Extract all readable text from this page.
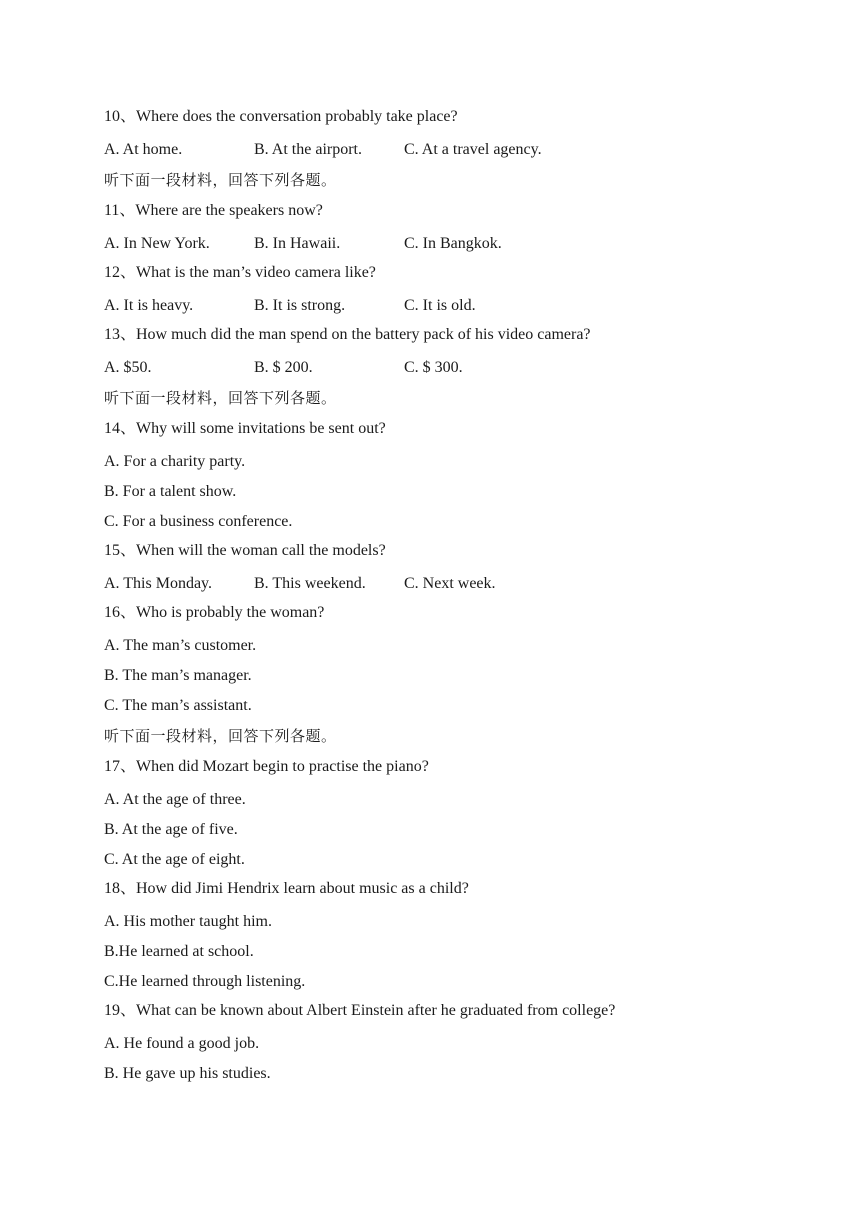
10、Where does the conversation probably take place?
A. At home.	B. At the airport.	C. At a travel agency.
听下面一段材料，回答下列各题。
11、Where are the speakers now?
A. In New York.	B. In Hawaii.	C. In Bangkok.
12、What is the man’s video camera like?
A. It is heavy.	B. It is strong.	C. It is old.
13、How much did the man spend on the battery pack of his video camera?
A. $50.	B. $ 200.	C. $ 300.
听下面一段材料，回答下列各题。
14、Why will some invitations be sent out?
A. For a charity party.
B. For a talent show.
C. For a business conference.
15、When will the woman call the models?
A. This Monday.	B. This weekend.	C. Next week.
16、Who is probably the woman?
A. The man’s customer.
B. The man’s manager.
C. The man’s assistant.
听下面一段材料，回答下列各题。
17、When did Mozart begin to practise the piano?
A. At the age of three.
B. At the age of five.
C. At the age of eight.
18、How did Jimi Hendrix learn about music as a child?
A. His mother taught him.
B.He learned at school.
C.He learned through listening.
19、What can be known about Albert Einstein after he graduated from college?
A. He found a good job.
B. He gave up his studies.
